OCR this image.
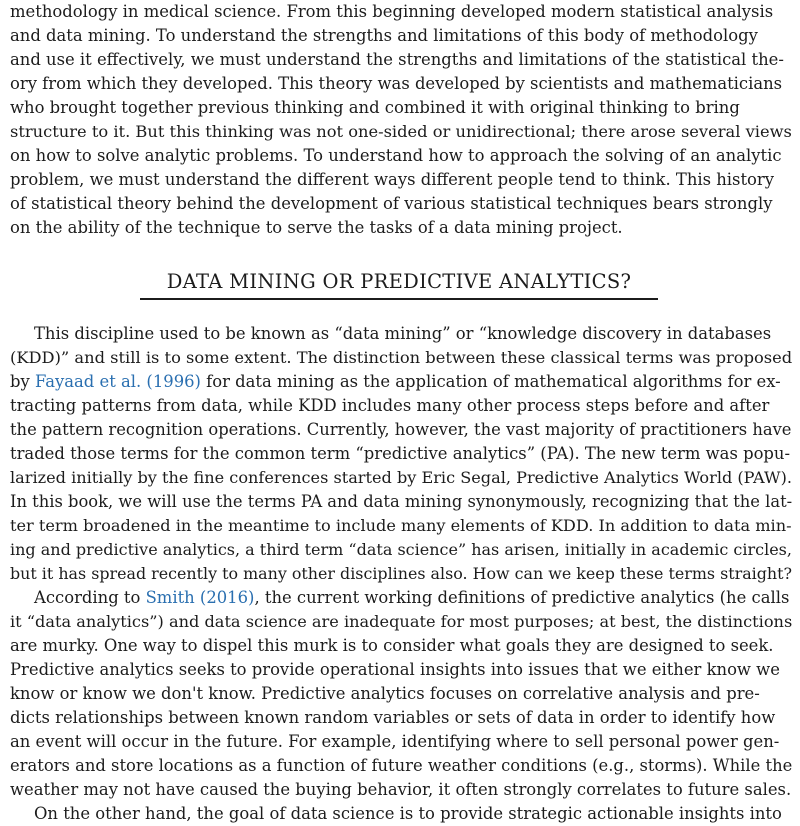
methodology in medical science. From this beginning developed modern statistical analysis
and data mining. To understand the strengths and limitations of this body of methodology
and use it effectively, we must understand the strengths and limitations of the statistical the-
ory from which they developed. This theory was developed by scientists and mathematicians
who brought together previous thinking and combined it with original thinking to bring
structure to it. But this thinking was not one-sided or unidirectional; there arose several views
on how to solve analytic problems. To understand how to approach the solving of an analytic
problem, we must understand the different ways different people tend to think. This history
of statistical theory behind the development of various statistical techniques bears strongly
on the ability of the technique to serve the tasks of a data mining project.
DATA MINING OR PREDICTIVE ANALYTICS?
This discipline used to be known as “data mining” or “knowledge discovery in databases
(KDD)” and still is to some extent. The distinction between these classical terms was proposed
by Fayaad et al. (1996) for data mining as the application of mathematical algorithms for ex-
tracting patterns from data, while KDD includes many other process steps before and after
the pattern recognition operations. Currently, however, the vast majority of practitioners have
traded those terms for the common term “predictive analytics” (PA). The new term was popu-
larized initially by the fine conferences started by Eric Segal, Predictive Analytics World (PAW).
In this book, we will use the terms PA and data mining synonymously, recognizing that the lat-
ter term broadened in the meantime to include many elements of KDD. In addition to data min-
ing and predictive analytics, a third term “data science” has arisen, initially in academic circles,
but it has spread recently to many other disciplines also. How can we keep these terms straight?
According to Smith (2016), the current working definitions of predictive analytics (he calls
it “data analytics”) and data science are inadequate for most purposes; at best, the distinctions
are murky. One way to dispel this murk is to consider what goals they are designed to seek.
Predictive analytics seeks to provide operational insights into issues that we either know we
know or know we don't know. Predictive analytics focuses on correlative analysis and pre-
dicts relationships between known random variables or sets of data in order to identify how
an event will occur in the future. For example, identifying where to sell personal power gen-
erators and store locations as a function of future weather conditions (e.g., storms). While the
weather may not have caused the buying behavior, it often strongly correlates to future sales.
On the other hand, the goal of data science is to provide strategic actionable insights into
